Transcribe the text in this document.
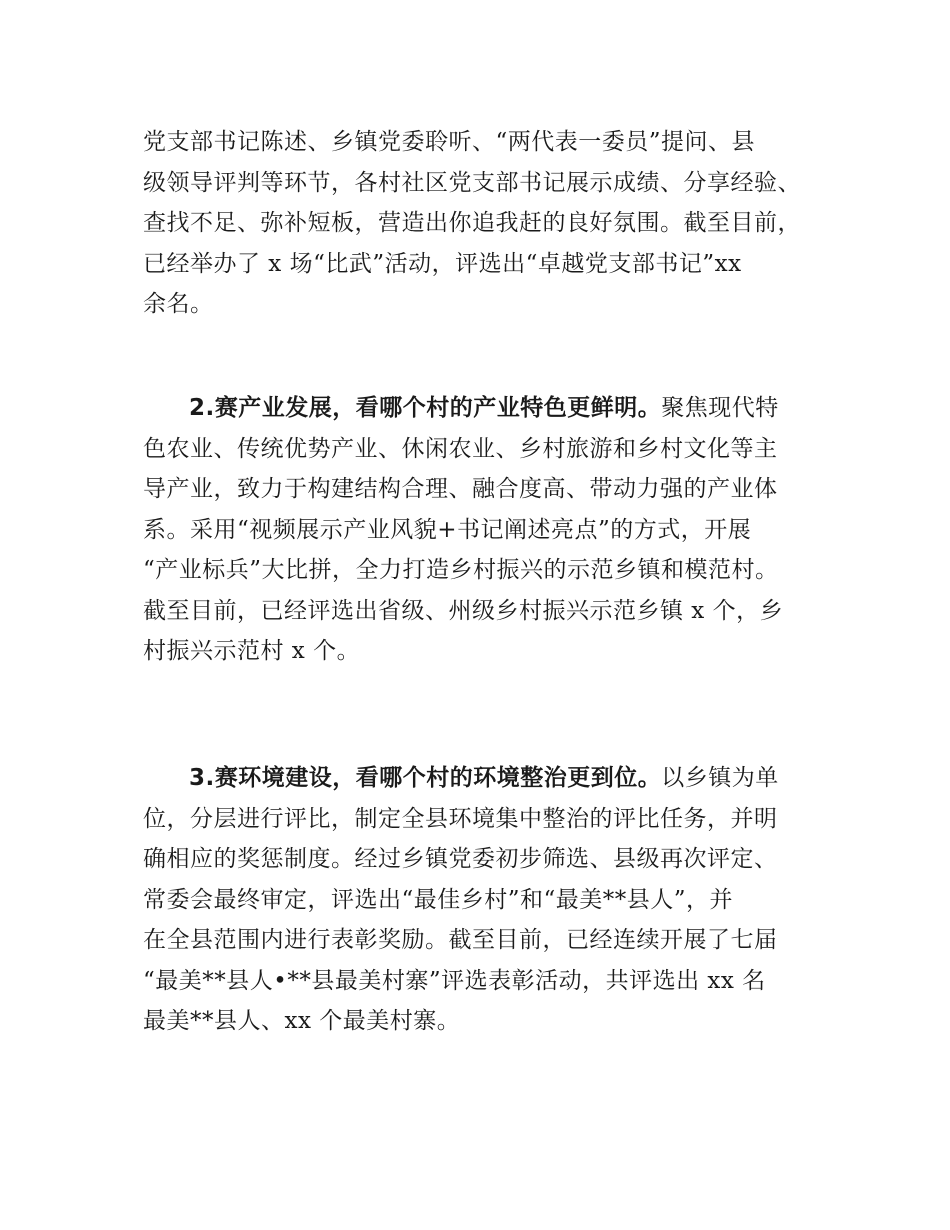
党支部书记陈述、乡镇党委聆听、“两代表一委员”提问、县
级领导评判等环节，各村社区党支部书记展示成绩、分享经验、
查找不足、弥补短板，营造出你追我赶的良好氛围。截至目前，
已经举办了 x 场“比武”活动，评选出“卓越党支部书记”xx
余名。
2.赛产业发展，看哪个村的产业特色更鲜明。聚焦现代特
色农业、传统优势产业、休闲农业、乡村旅游和乡村文化等主
导产业，致力于构建结构合理、融合度高、带动力强的产业体
系。采用“视频展示产业风貌+书记阐述亮点”的方式，开展
“产业标兵”大比拼，全力打造乡村振兴的示范乡镇和模范村。
截至目前，已经评选出省级、州级乡村振兴示范乡镇 x 个，乡
村振兴示范村 x 个。
3.赛环境建设，看哪个村的环境整治更到位。以乡镇为单
位，分层进行评比，制定全县环境集中整治的评比任务，并明
确相应的奖惩制度。经过乡镇党委初步筛选、县级再次评定、
常委会最终审定，评选出“最佳乡村”和“最美**县人”，并
在全县范围内进行表彰奖励。截至目前，已经连续开展了七届
“最美**县人•**县最美村寨”评选表彰活动，共评选出 xx 名
最美**县人、xx 个最美村寨。
